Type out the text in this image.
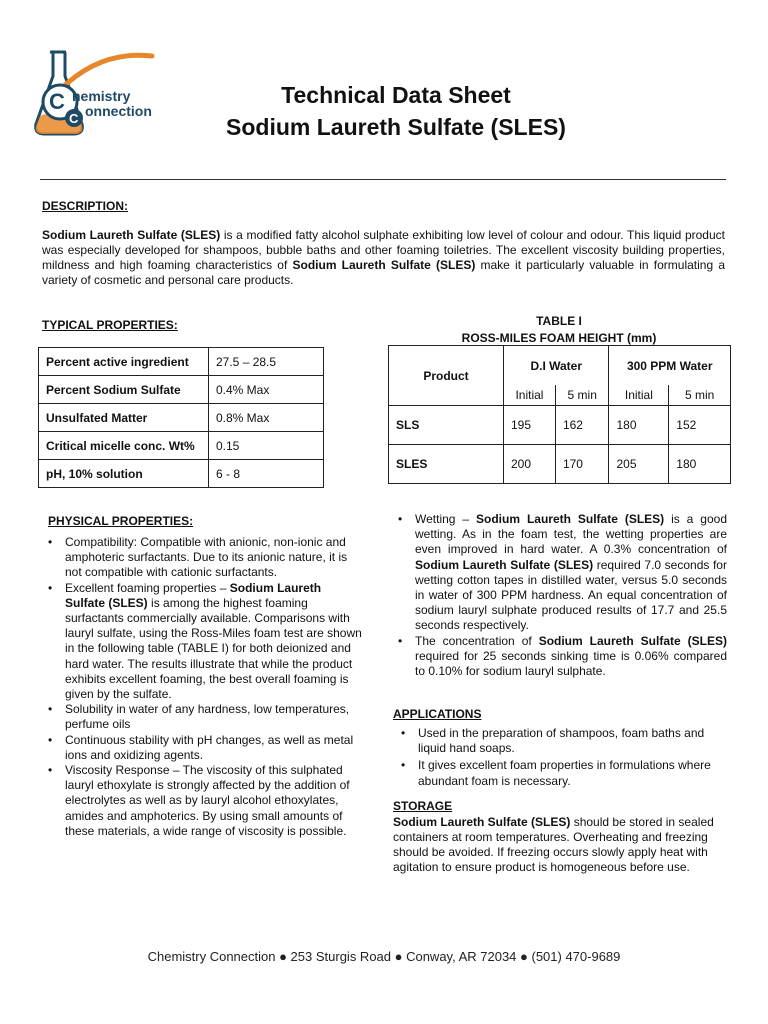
C hemistry
C onnection
Technical Data Sheet
Sodium Laureth Sulfate (SLES)
DESCRIPTION:
Sodium Laureth Sulfate (SLES) is a modified fatty alcohol sulphate exhibiting low level of colour and odour. This liquid product was especially developed for shampoos, bubble baths and other foaming toiletries. The excellent viscosity building properties, mildness and high foaming characteristics of Sodium Laureth Sulfate (SLES) make it particularly valuable in formulating a variety of cosmetic and personal care products.
TYPICAL PROPERTIES:
Percent active ingredient	27.5 – 28.5
Percent Sodium Sulfate	0.4% Max
Unsulfated Matter	0.8% Max
Critical micelle conc. Wt%	0.15
pH, 10% solution	6 - 8
TABLE I
ROSS-MILES FOAM HEIGHT (mm)
Product	D.I Water		300 PPM Water	
	Initial	5 min	Initial	5 min
SLS	195	162	180	152
SLES	200	170	205	180
PHYSICAL PROPERTIES:
• Compatibility: Compatible with anionic, non-ionic and amphoteric surfactants. Due to its anionic nature, it is not compatible with cationic surfactants.
• Excellent foaming properties – Sodium Laureth Sulfate (SLES) is among the highest foaming surfactants commercially available. Comparisons with lauryl sulfate, using the Ross-Miles foam test are shown in the following table (TABLE I) for both deionized and hard water. The results illustrate that while the product exhibits excellent foaming, the best overall foaming is given by the sulfate.
• Solubility in water of any hardness, low temperatures, perfume oils
• Continuous stability with pH changes, as well as metal ions and oxidizing agents.
• Viscosity Response – The viscosity of this sulphated lauryl ethoxylate is strongly affected by the addition of electrolytes as well as by lauryl alcohol ethoxylates, amides and amphoterics. By using small amounts of these materials, a wide range of viscosity is possible.
• Wetting – Sodium Laureth Sulfate (SLES) is a good wetting. As in the foam test, the wetting properties are even improved in hard water. A 0.3% concentration of Sodium Laureth Sulfate (SLES) required 7.0 seconds for wetting cotton tapes in distilled water, versus 5.0 seconds in water of 300 PPM hardness. An equal concentration of sodium lauryl sulphate produced results of 17.7 and 25.5 seconds respectively.
• The concentration of Sodium Laureth Sulfate (SLES) required for 25 seconds sinking time is 0.06% compared to 0.10% for sodium lauryl sulphate.
APPLICATIONS
• Used in the preparation of shampoos, foam baths and liquid hand soaps.
• It gives excellent foam properties in formulations where abundant foam is necessary.
STORAGE
Sodium Laureth Sulfate (SLES) should be stored in sealed containers at room temperatures. Overheating and freezing should be avoided. If freezing occurs slowly apply heat with agitation to ensure product is homogeneous before use.
Chemistry Connection ● 253 Sturgis Road ● Conway, AR 72034 ● (501) 470-9689
